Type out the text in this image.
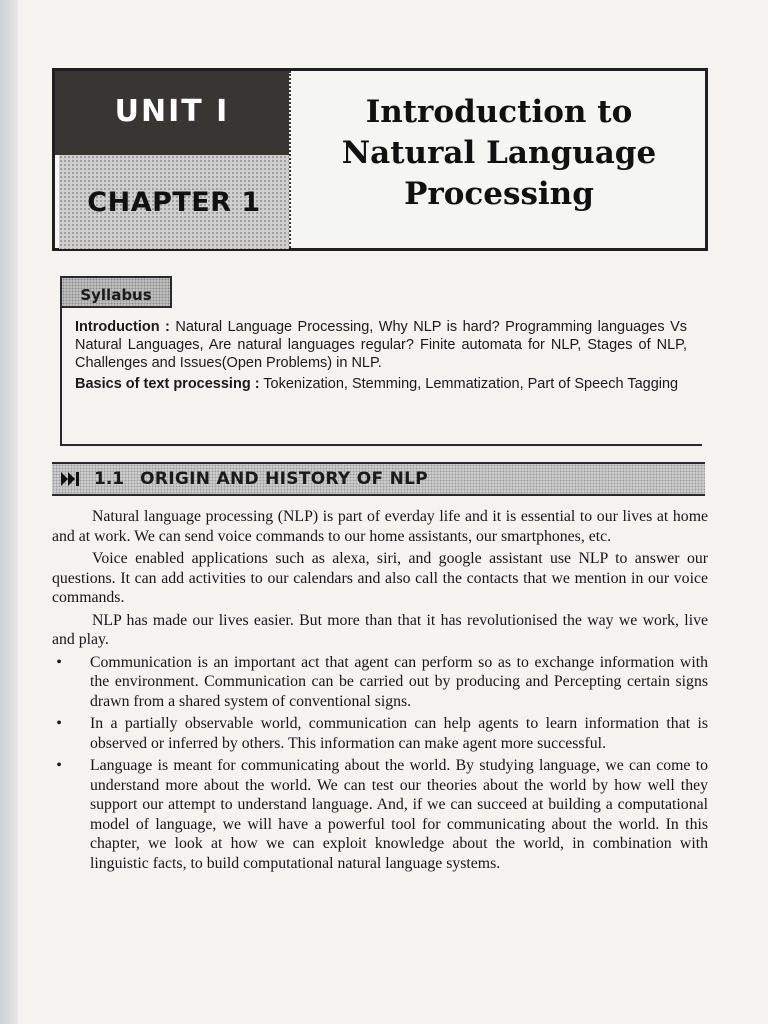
UNIT I
CHAPTER 1
Introduction to
Natural Language
Processing
Syllabus

Introduction : Natural Language Processing, Why NLP is hard? Programming languages Vs Natural Languages, Are natural languages regular? Finite automata for NLP, Stages of NLP, Challenges and Issues(Open Problems) in NLP.

Basics of text processing : Tokenization, Stemming, Lemmatization, Part of Speech Tagging

1.1 ORIGIN AND HISTORY OF NLP

Natural language processing (NLP) is part of everday life and it is essential to our lives at home and at work. We can send voice commands to our home assistants, our smartphones, etc.

Voice enabled applications such as alexa, siri, and google assistant use NLP to answer our questions. It can add activities to our calendars and also call the contacts that we mention in our voice commands.

NLP has made our lives easier. But more than that it has revolutionised the way we work, live and play.

• Communication is an important act that agent can perform so as to exchange information with the environment. Communication can be carried out by producing and Percepting certain signs drawn from a shared system of conventional signs.
• In a partially observable world, communication can help agents to learn information that is observed or inferred by others. This information can make agent more successful.
• Language is meant for communicating about the world. By studying language, we can come to understand more about the world. We can test our theories about the world by how well they support our attempt to understand language. And, if we can succeed at building a computational model of language, we will have a powerful tool for communicating about the world. In this chapter, we look at how we can exploit knowledge about the world, in combination with linguistic facts, to build computational natural language systems.
